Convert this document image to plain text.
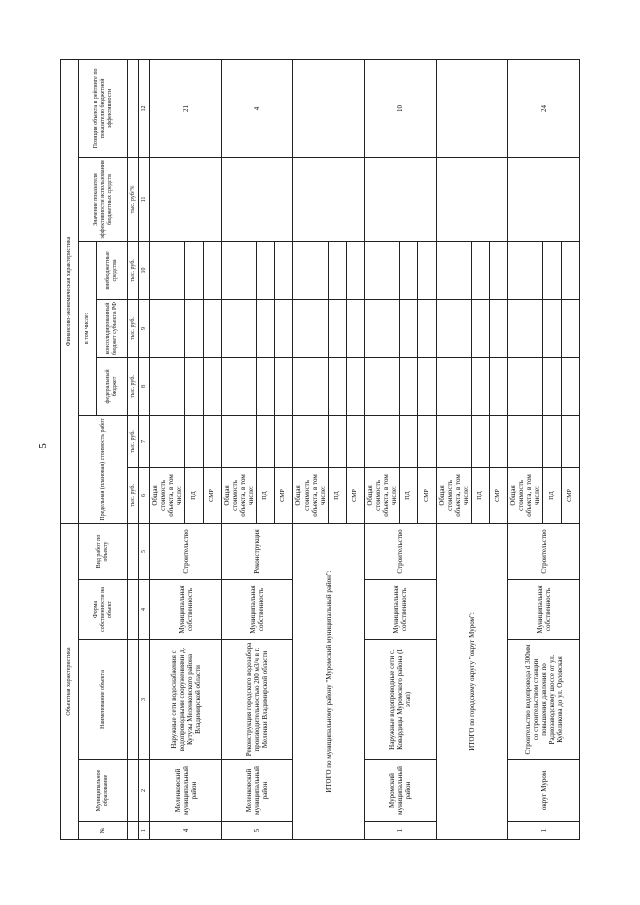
5
Объектная характеристика					Финансово-экономическая характеристика						
№	Муниципальное образование	Наименование объекта	Форма собственности на объект	Вид работ по объекту	Предельная (плановая) стоимость работ		в том числе:			Значение показателя эффективности использования бюджетных средств	Позиция объекта в рейтинге по показателю бюджетной эффективности
							федеральный бюджет	консолидированный бюджет субъекта РФ	внебюджетные средства		
					тыс. руб.	тыс. руб.	тыс. руб.	тыс. руб.	тыс. руб.	тыс. руб/%	
1	2	3	4	5	6	7	8	9	10	11	12
4	Меленковский муниципальный район	Наружные сети водоснабжения с водопроводными сооружениями д. Кутузы Меленковского района Владимирской области	Муниципальная собственность	Строительство	Общая стоимость объекта, в том числе:						21
					ПД						
					СМР						
5	Меленковский муниципальный район	Реконструкция городского водозабора производительностью 200 м3/ч в г. Меленки Владимирской области	Муниципальная собственность	Реконструкция	Общая стоимость объекта, в том числе:						4
					ПД						
					СМР						
ИТОГО по муниципальному району "Муромский муниципальный район":					Общая стоимость объекта, в том числе:						
					ПД						
					СМР						
1	Муромский муниципальный район	Наружные водопроводные сети с. Ковардицы Муромского района (I этап)	Муниципальная собственность	Строительство	Общая стоимость объекта, в том числе:						10
					ПД						
					СМР						
ИТОГО по городскому округу "округ Муром":					Общая стоимость объекта, в том числе:						
					ПД						
					СМР						
1	округ Муром	Строительство водопровода d 300мм со строительством станции повышения давления по Радиозаводскому шоссе от ул. Кубеликова до ул. Орловская	Муниципальная собственность	Строительство	Общая стоимость объекта, в том числе:						24
					ПД						
					СМР						
